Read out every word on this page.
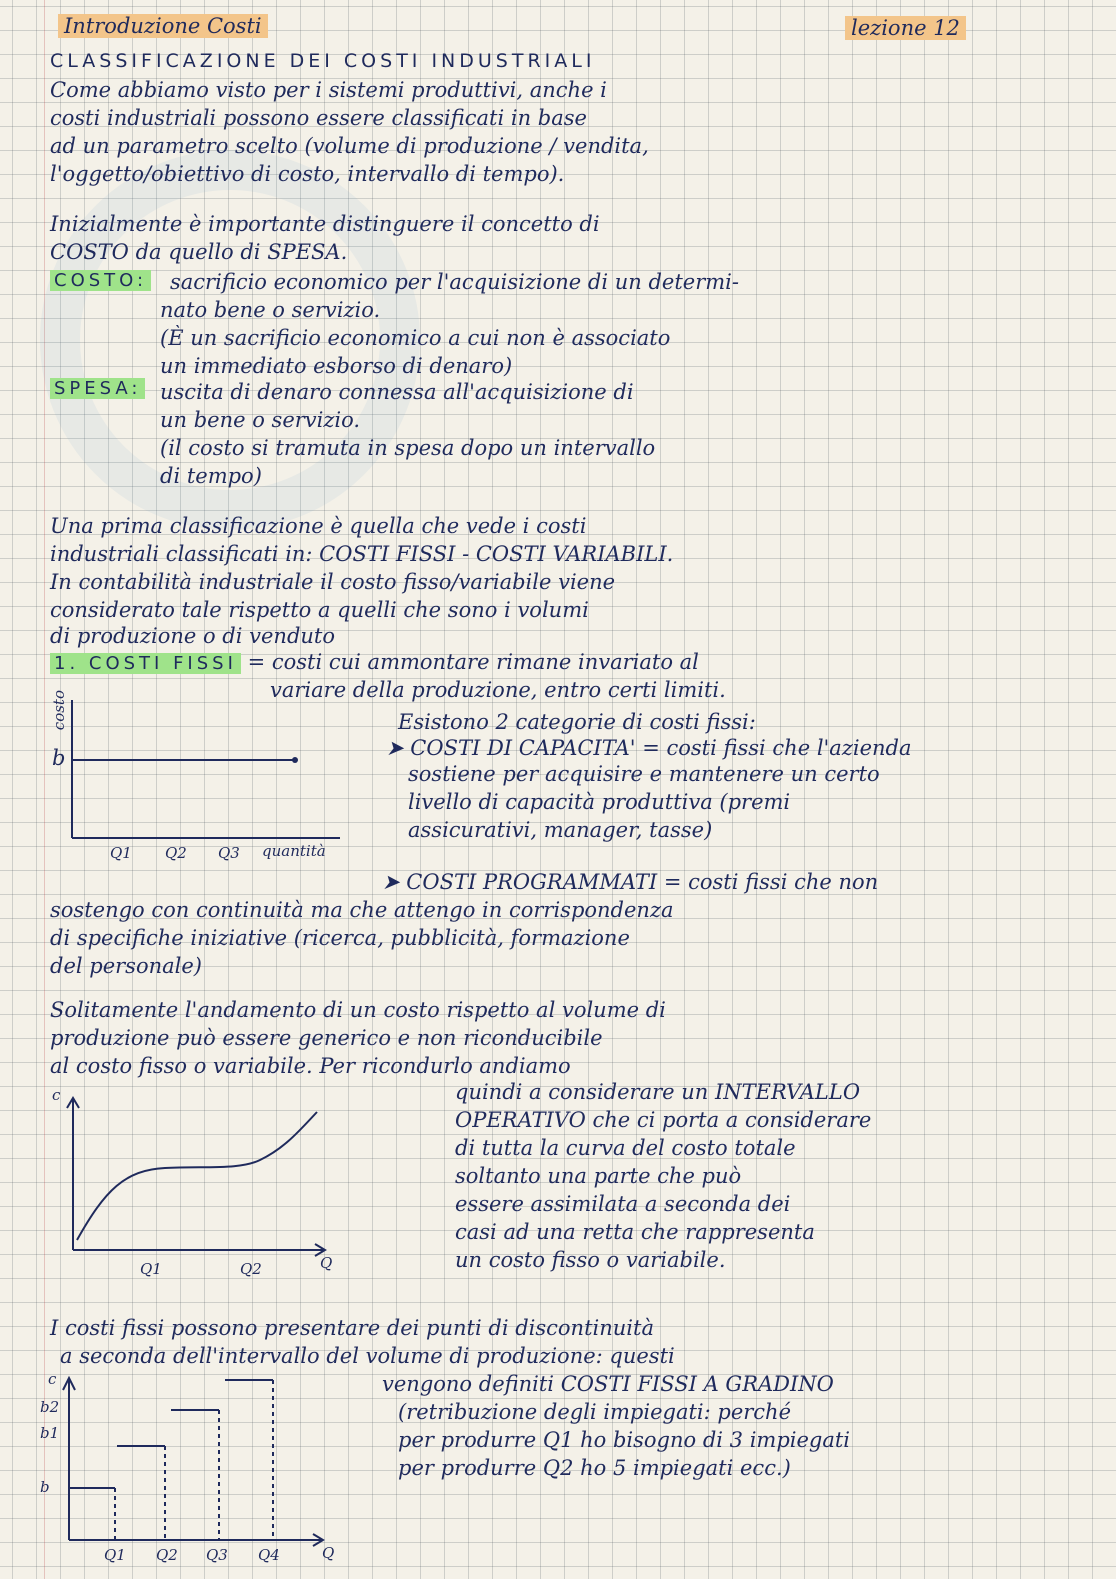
Introduzione Costi	lezione 12
CLASSIFICAZIONE DEI COSTI INDUSTRIALI
Come abbiamo visto per i sistemi produttivi, anche i
costi industriali possono essere classificati in base
ad un parametro scelto (volume di produzione / vendita,
l'oggetto/obiettivo di costo, intervallo di tempo).
Inizialmente è importante distinguere il concetto di
COSTO da quello di SPESA.
COSTO: sacrificio economico per l'acquisizione di un determi-
nato bene o servizio.
(È un sacrificio economico a cui non è associato
un immediato esborso di denaro)
SPESA: uscita di denaro connessa all'acquisizione di
un bene o servizio.
(il costo si tramuta in spesa dopo un intervallo
di tempo)
Una prima classificazione è quella che vede i costi
industriali classificati in: COSTI FISSI - COSTI VARIABILI.
In contabilità industriale il costo fisso/variabile viene
considerato tale rispetto a quelli che sono i volumi
di produzione o di venduto
1. COSTI FISSI = costi cui ammontare rimane invariato al
variare della produzione, entro certi limiti.
costo
b
Q1 Q2 Q3 quantità
Esistono 2 categorie di costi fissi:
➤ COSTI DI CAPACITA' = costi fissi che l'azienda
sostiene per acquisire e mantenere un certo
livello di capacità produttiva (premi
assicurativi, manager, tasse)
➤ COSTI PROGRAMMATI = costi fissi che non
sostengo con continuità ma che attengo in corrispondenza
di specifiche iniziative (ricerca, pubblicità, formazione
del personale)
Solitamente l'andamento di un costo rispetto al volume di
produzione può essere generico e non riconducibile
al costo fisso o variabile. Per ricondurlo andiamo
quindi a considerare un INTERVALLO
OPERATIVO che ci porta a considerare
di tutta la curva del costo totale
soltanto una parte che può
essere assimilata a seconda dei
casi ad una retta che rappresenta
un costo fisso o variabile.
c
Q1	Q2	Q
I costi fissi possono presentare dei punti di discontinuità
a seconda dell'intervallo del volume di produzione: questi
vengono definiti COSTI FISSI A GRADINO
(retribuzione degli impiegati: perché
per produrre Q1 ho bisogno di 3 impiegati
per produrre Q2 ho 5 impiegati ecc.)
c
b2
b1
b
Q1 Q2 Q3 Q4	Q
